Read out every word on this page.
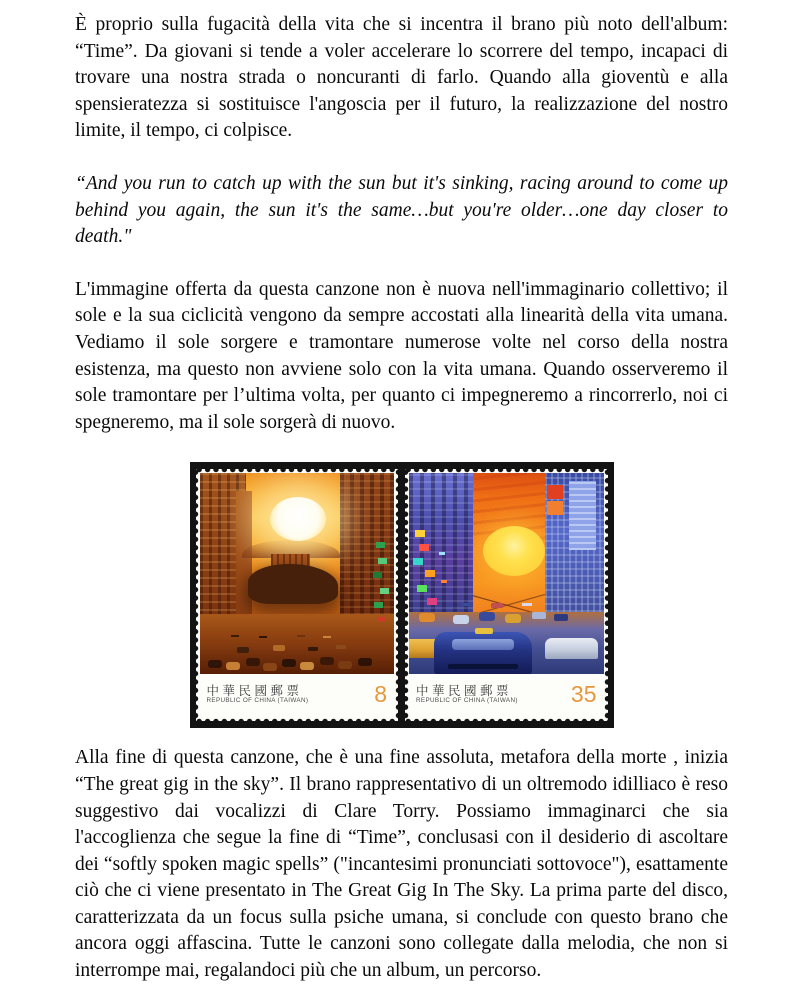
È proprio sulla fugacità della vita che si incentra il brano più noto dell'album: “Time”. Da giovani si tende a voler accelerare lo scorrere del tempo, incapaci di trovare una nostra strada o noncuranti di farlo. Quando alla gioventù e alla spensieratezza si sostituisce l'angoscia per il futuro, la realizzazione del nostro limite, il tempo, ci colpisce.

“And you run to catch up with the sun but it's sinking, racing around to come up behind you again, the sun it's the same…but you're older…one day closer to death."

L'immagine offerta da questa canzone non è nuova nell'immaginario collettivo; il sole e la sua ciclicità vengono da sempre accostati alla linearità della vita umana. Vediamo il sole sorgere e tramontare numerose volte nel corso della nostra esistenza, ma questo non avviene solo con la vita umana. Quando osserveremo il sole tramontare per l’ultima volta, per quanto ci impegneremo a rincorrerlo, noi ci spegneremo, ma il sole sorgerà di nuovo.

中華民國郵票
REPUBLIC OF CHINA (TAIWAN)	8 中華民國郵票
REPUBLIC OF CHINA (TAIWAN) 35

Alla fine di questa canzone, che è una fine assoluta, metafora della morte , inizia “The great gig in the sky”. Il brano rappresentativo di un oltremodo idilliaco è reso suggestivo dai vocalizzi di Clare Torry. Possiamo immaginarci che sia l'accoglienza che segue la fine di “Time”, conclusasi con il desiderio di ascoltare dei “softly spoken magic spells” ("incantesimi pronunciati sottovoce"), esattamente ciò che ci viene presentato in The Great Gig In The Sky. La prima parte del disco, caratterizzata da un focus sulla psiche umana, si conclude con questo brano che ancora oggi affascina. Tutte le canzoni sono collegate dalla melodia, che non si interrompe mai, regalandoci più che un album, un percorso.
